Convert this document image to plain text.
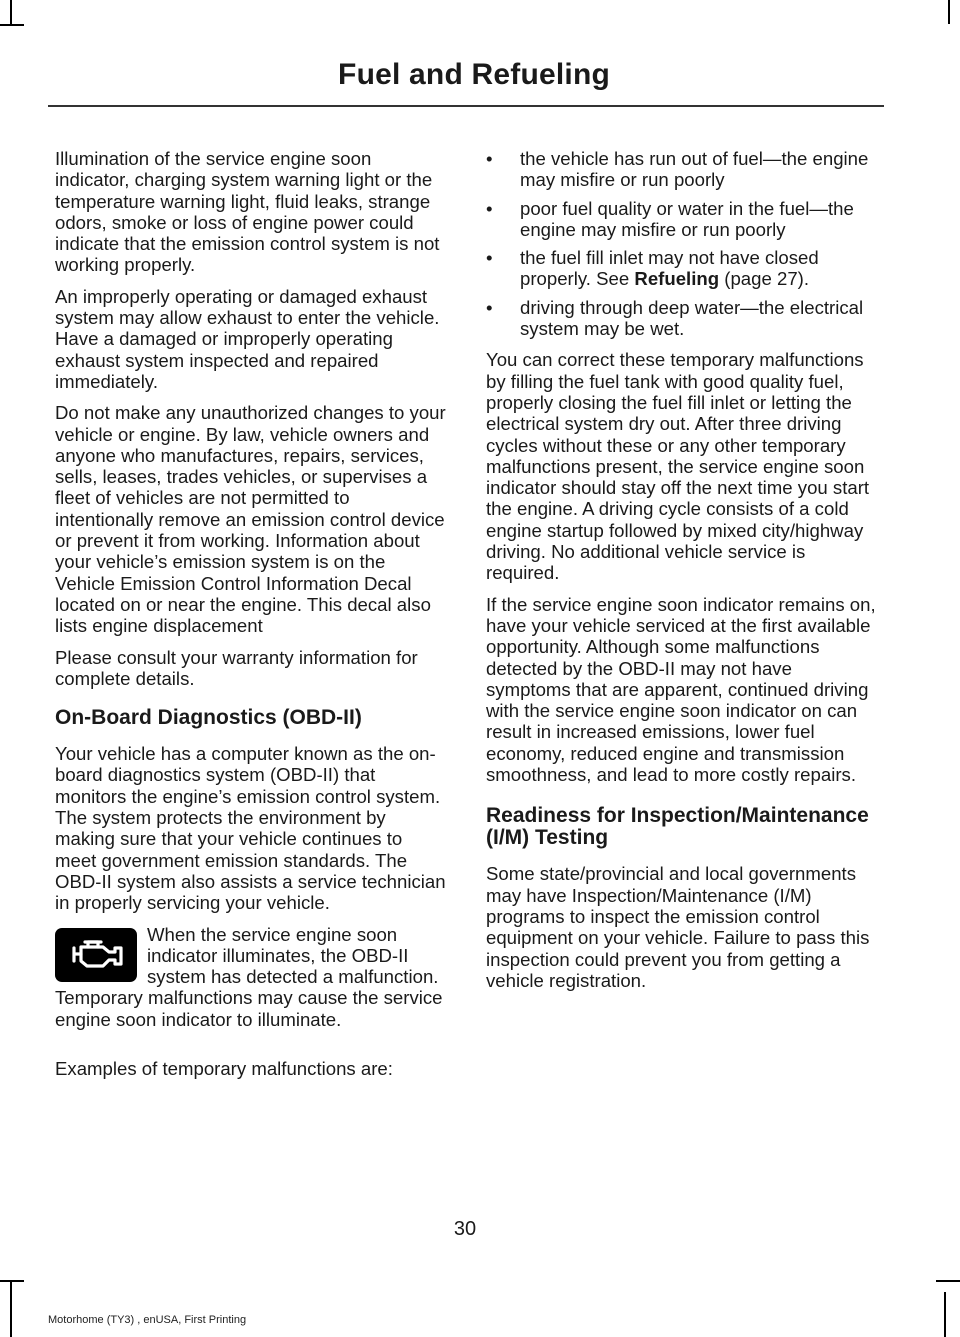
Fuel and Refueling

Illumination of the service engine soon indicator, charging system warning light or the temperature warning light, fluid leaks, strange odors, smoke or loss of engine power could indicate that the emission control system is not working properly.

An improperly operating or damaged exhaust system may allow exhaust to enter the vehicle. Have a damaged or improperly operating exhaust system inspected and repaired immediately.

Do not make any unauthorized changes to your vehicle or engine. By law, vehicle owners and anyone who manufactures, repairs, services, sells, leases, trades vehicles, or supervises a fleet of vehicles are not permitted to intentionally remove an emission control device or prevent it from working. Information about your vehicle’s emission system is on the Vehicle Emission Control Information Decal located on or near the engine. This decal also lists engine displacement

Please consult your warranty information for complete details.

On-Board Diagnostics (OBD-II)

Your vehicle has a computer known as the on-board diagnostics system (OBD-II) that monitors the engine’s emission control system. The system protects the environment by making sure that your vehicle continues to meet government emission standards. The OBD-II system also assists a service technician in properly servicing your vehicle.

When the service engine soon indicator illuminates, the OBD-II system has detected a malfunction. Temporary malfunctions may cause the service engine soon indicator to illuminate.

Examples of temporary malfunctions are:

• the vehicle has run out of fuel—the engine may misfire or run poorly
• poor fuel quality or water in the fuel—the engine may misfire or run poorly
• the fuel fill inlet may not have closed properly. See Refueling (page 27).
• driving through deep water—the electrical system may be wet.

You can correct these temporary malfunctions by filling the fuel tank with good quality fuel, properly closing the fuel fill inlet or letting the electrical system dry out. After three driving cycles without these or any other temporary malfunctions present, the service engine soon indicator should stay off the next time you start the engine. A driving cycle consists of a cold engine startup followed by mixed city/highway driving. No additional vehicle service is required.

If the service engine soon indicator remains on, have your vehicle serviced at the first available opportunity. Although some malfunctions detected by the OBD-II may not have symptoms that are apparent, continued driving with the service engine soon indicator on can result in increased emissions, lower fuel economy, reduced engine and transmission smoothness, and lead to more costly repairs.

Readiness for Inspection/Maintenance (I/M) Testing

Some state/provincial and local governments may have Inspection/Maintenance (I/M) programs to inspect the emission control equipment on your vehicle. Failure to pass this inspection could prevent you from getting a vehicle registration.

30
Motorhome (TY3) , enUSA, First Printing
